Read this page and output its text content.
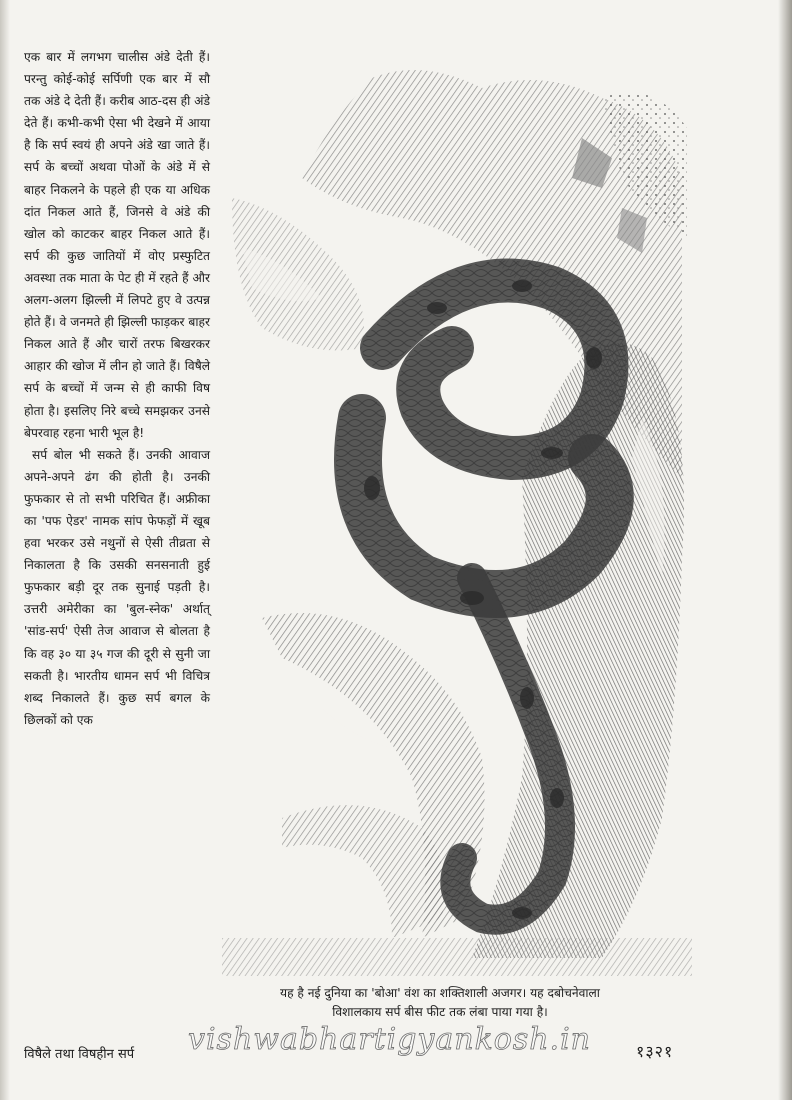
एक बार में लगभग चालीस अंडे देती हैं। परन्तु कोई-कोई सर्पिणी एक बार में सौ तक अंडे दे देती हैं। करीब आठ-दस ही अंडे देते हैं। कभी-कभी ऐसा भी देखने में आया है कि सर्प स्वयं ही अपने अंडे खा जाते हैं। सर्प के बच्चों अथवा पोओं के अंडे में से बाहर निकलने के पहले ही एक या अधिक दांत निकल आते हैं, जिनसे वे अंडे की खोल को काटकर बाहर निकल आते हैं। सर्प की कुछ जातियों में वोए प्रस्फुटित अवस्था तक माता के पेट ही में रहते हैं और अलग-अलग झिल्ली में लिपटे हुए वे उत्पन्न होते हैं। वे जनमते ही झिल्ली फाड़कर बाहर निकल आते हैं और चारों तरफ बिखरकर आहार की खोज में लीन हो जाते हैं। विषैले सर्प के बच्चों में जन्म से ही काफी विष होता है। इसलिए निरे बच्चे समझकर उनसे बेपरवाह रहना भारी भूल है!

सर्प बोल भी सकते हैं। उनकी आवाज अपने-अपने ढंग की होती है। उनकी फुफकार से तो सभी परिचित हैं। अफ्रीका का 'पफ ऐडर' नामक सांप फेफड़ों में खूब हवा भरकर उसे नथुनों से ऐसी तीव्रता से निकालता है कि उसकी सनसनाती हुई फुफकार बड़ी दूर तक सुनाई पड़ती है। उत्तरी अमेरीका का 'बुल-स्नेक' अर्थात् 'सांड-सर्प' ऐसी तेज आवाज से बोलता है कि वह ३० या ३५ गज की दूरी से सुनी जा सकती है। भारतीय धामन सर्प भी विचित्र शब्द निकालते हैं। कुछ सर्प बगल के छिलकों को एक

यह है नई दुनिया का 'बोआ' वंश का शक्तिशाली अजगर। यह दबोचनेवाला
विशालकाय सर्प बीस फीट तक लंबा पाया गया है।
विषैले तथा विषहीन सर्प vishwabhartigyankosh.in	१३२१
